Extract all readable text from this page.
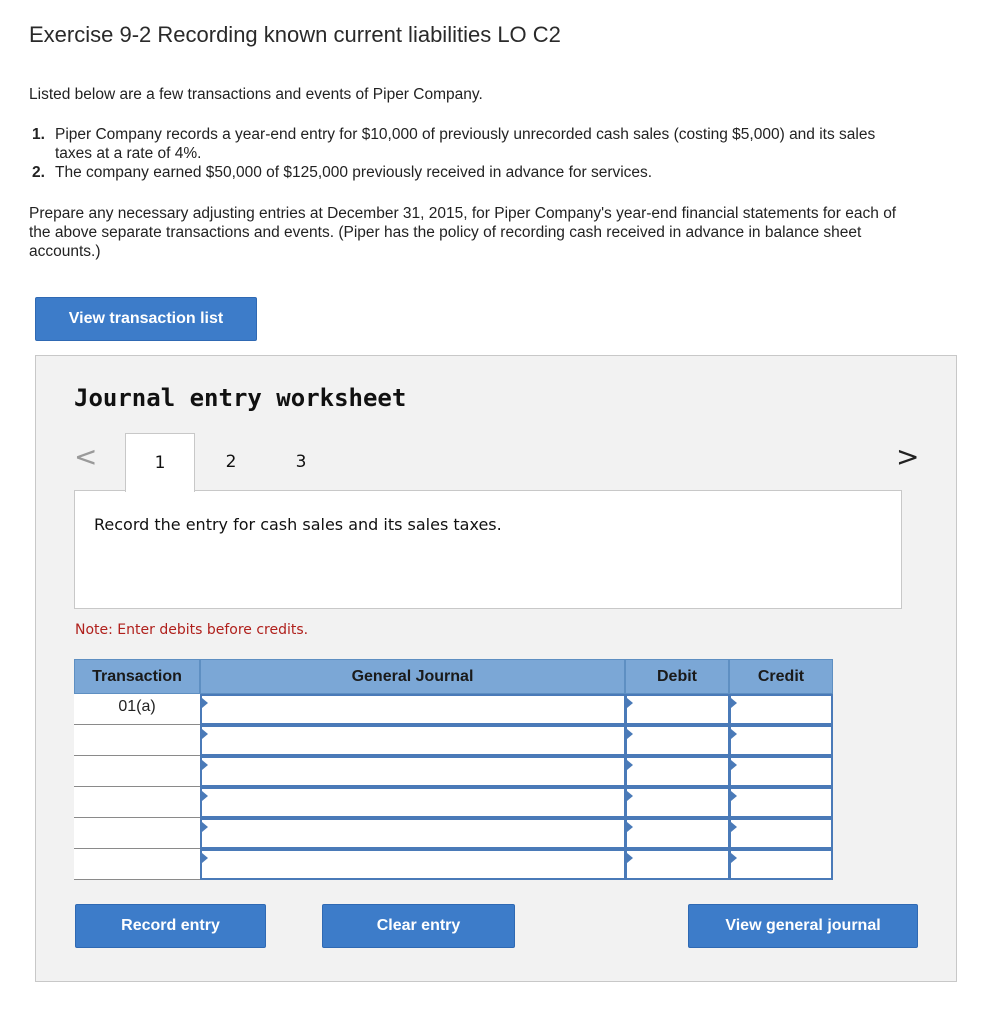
Exercise 9-2 Recording known current liabilities LO C2
Listed below are a few transactions and events of Piper Company.
1. Piper Company records a year-end entry for $10,000 of previously unrecorded cash sales (costing $5,000) and its sales taxes at a rate of 4%.
2. The company earned $50,000 of $125,000 previously received in advance for services.
Prepare any necessary adjusting entries at December 31, 2015, for Piper Company's year-end financial statements for each of the above separate transactions and events. (Piper has the policy of recording cash received in advance in balance sheet accounts.)
View transaction list
Journal entry worksheet
<	>
1	2	3
Record the entry for cash sales and its sales taxes.
Note: Enter debits before credits.
Transaction	General Journal	Debit	Credit
01(a)
Record entry	Clear entry	View general journal
